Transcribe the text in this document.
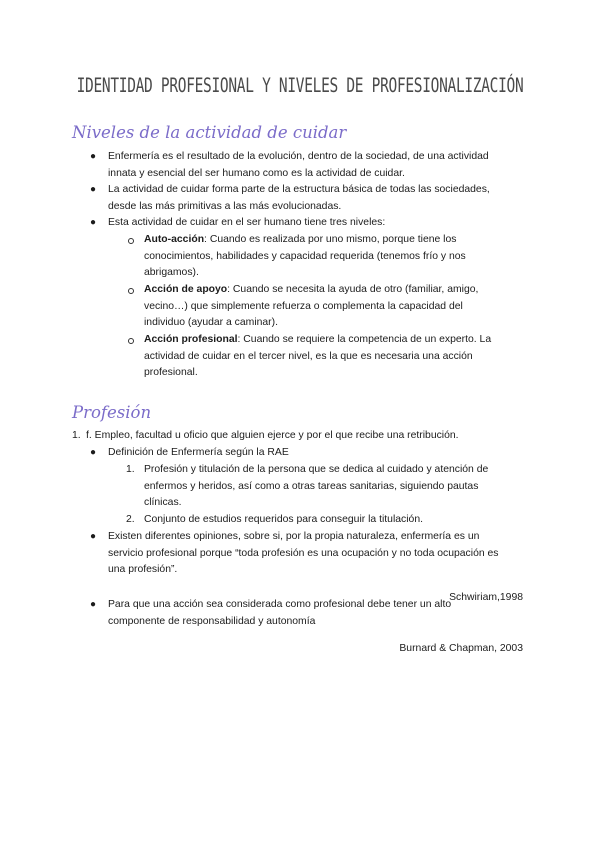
IDENTIDAD PROFESIONAL Y NIVELES DE PROFESIONALIZACIÓN
Niveles de la actividad de cuidar
● Enfermería es el resultado de la evolución, dentro de la sociedad, de una actividad
innata y esencial del ser humano como es la actividad de cuidar.

● La actividad de cuidar forma parte de la estructura básica de todas las sociedades,
desde las más primitivas a las más evolucionadas.

● Esta actividad de cuidar en el ser humano tiene tres niveles:

Auto-acción: Cuando es realizada por uno mismo, porque tiene los
conocimientos, habilidades y capacidad requerida (tenemos frío y nos
abrigamos).

Acción de apoyo: Cuando se necesita la ayuda de otro (familiar, amigo,
vecino…) que simplemente refuerza o complementa la capacidad del
individuo (ayudar a caminar).

Acción profesional: Cuando se requiere la competencia de un experto. La
actividad de cuidar en el tercer nivel, es la que es necesaria una acción
profesional.

Profesión
1. f. Empleo, facultad u oficio que alguien ejerce y por el que recibe una retribución.

● Definición de Enfermería según la RAE

1. Profesión y titulación de la persona que se dedica al cuidado y atención de
enfermos y heridos, así como a otras tareas sanitarias, siguiendo pautas
clínicas.

2. Conjunto de estudios requeridos para conseguir la titulación.

● Existen diferentes opiniones, sobre si, por la propia naturaleza, enfermería es un
servicio profesional porque “toda profesión es una ocupación y no toda ocupación es
una profesión”.

Schwiriam,1998

● Para que una acción sea considerada como profesional debe tener un alto
componente de responsabilidad y autonomía

Burnard & Chapman, 2003
